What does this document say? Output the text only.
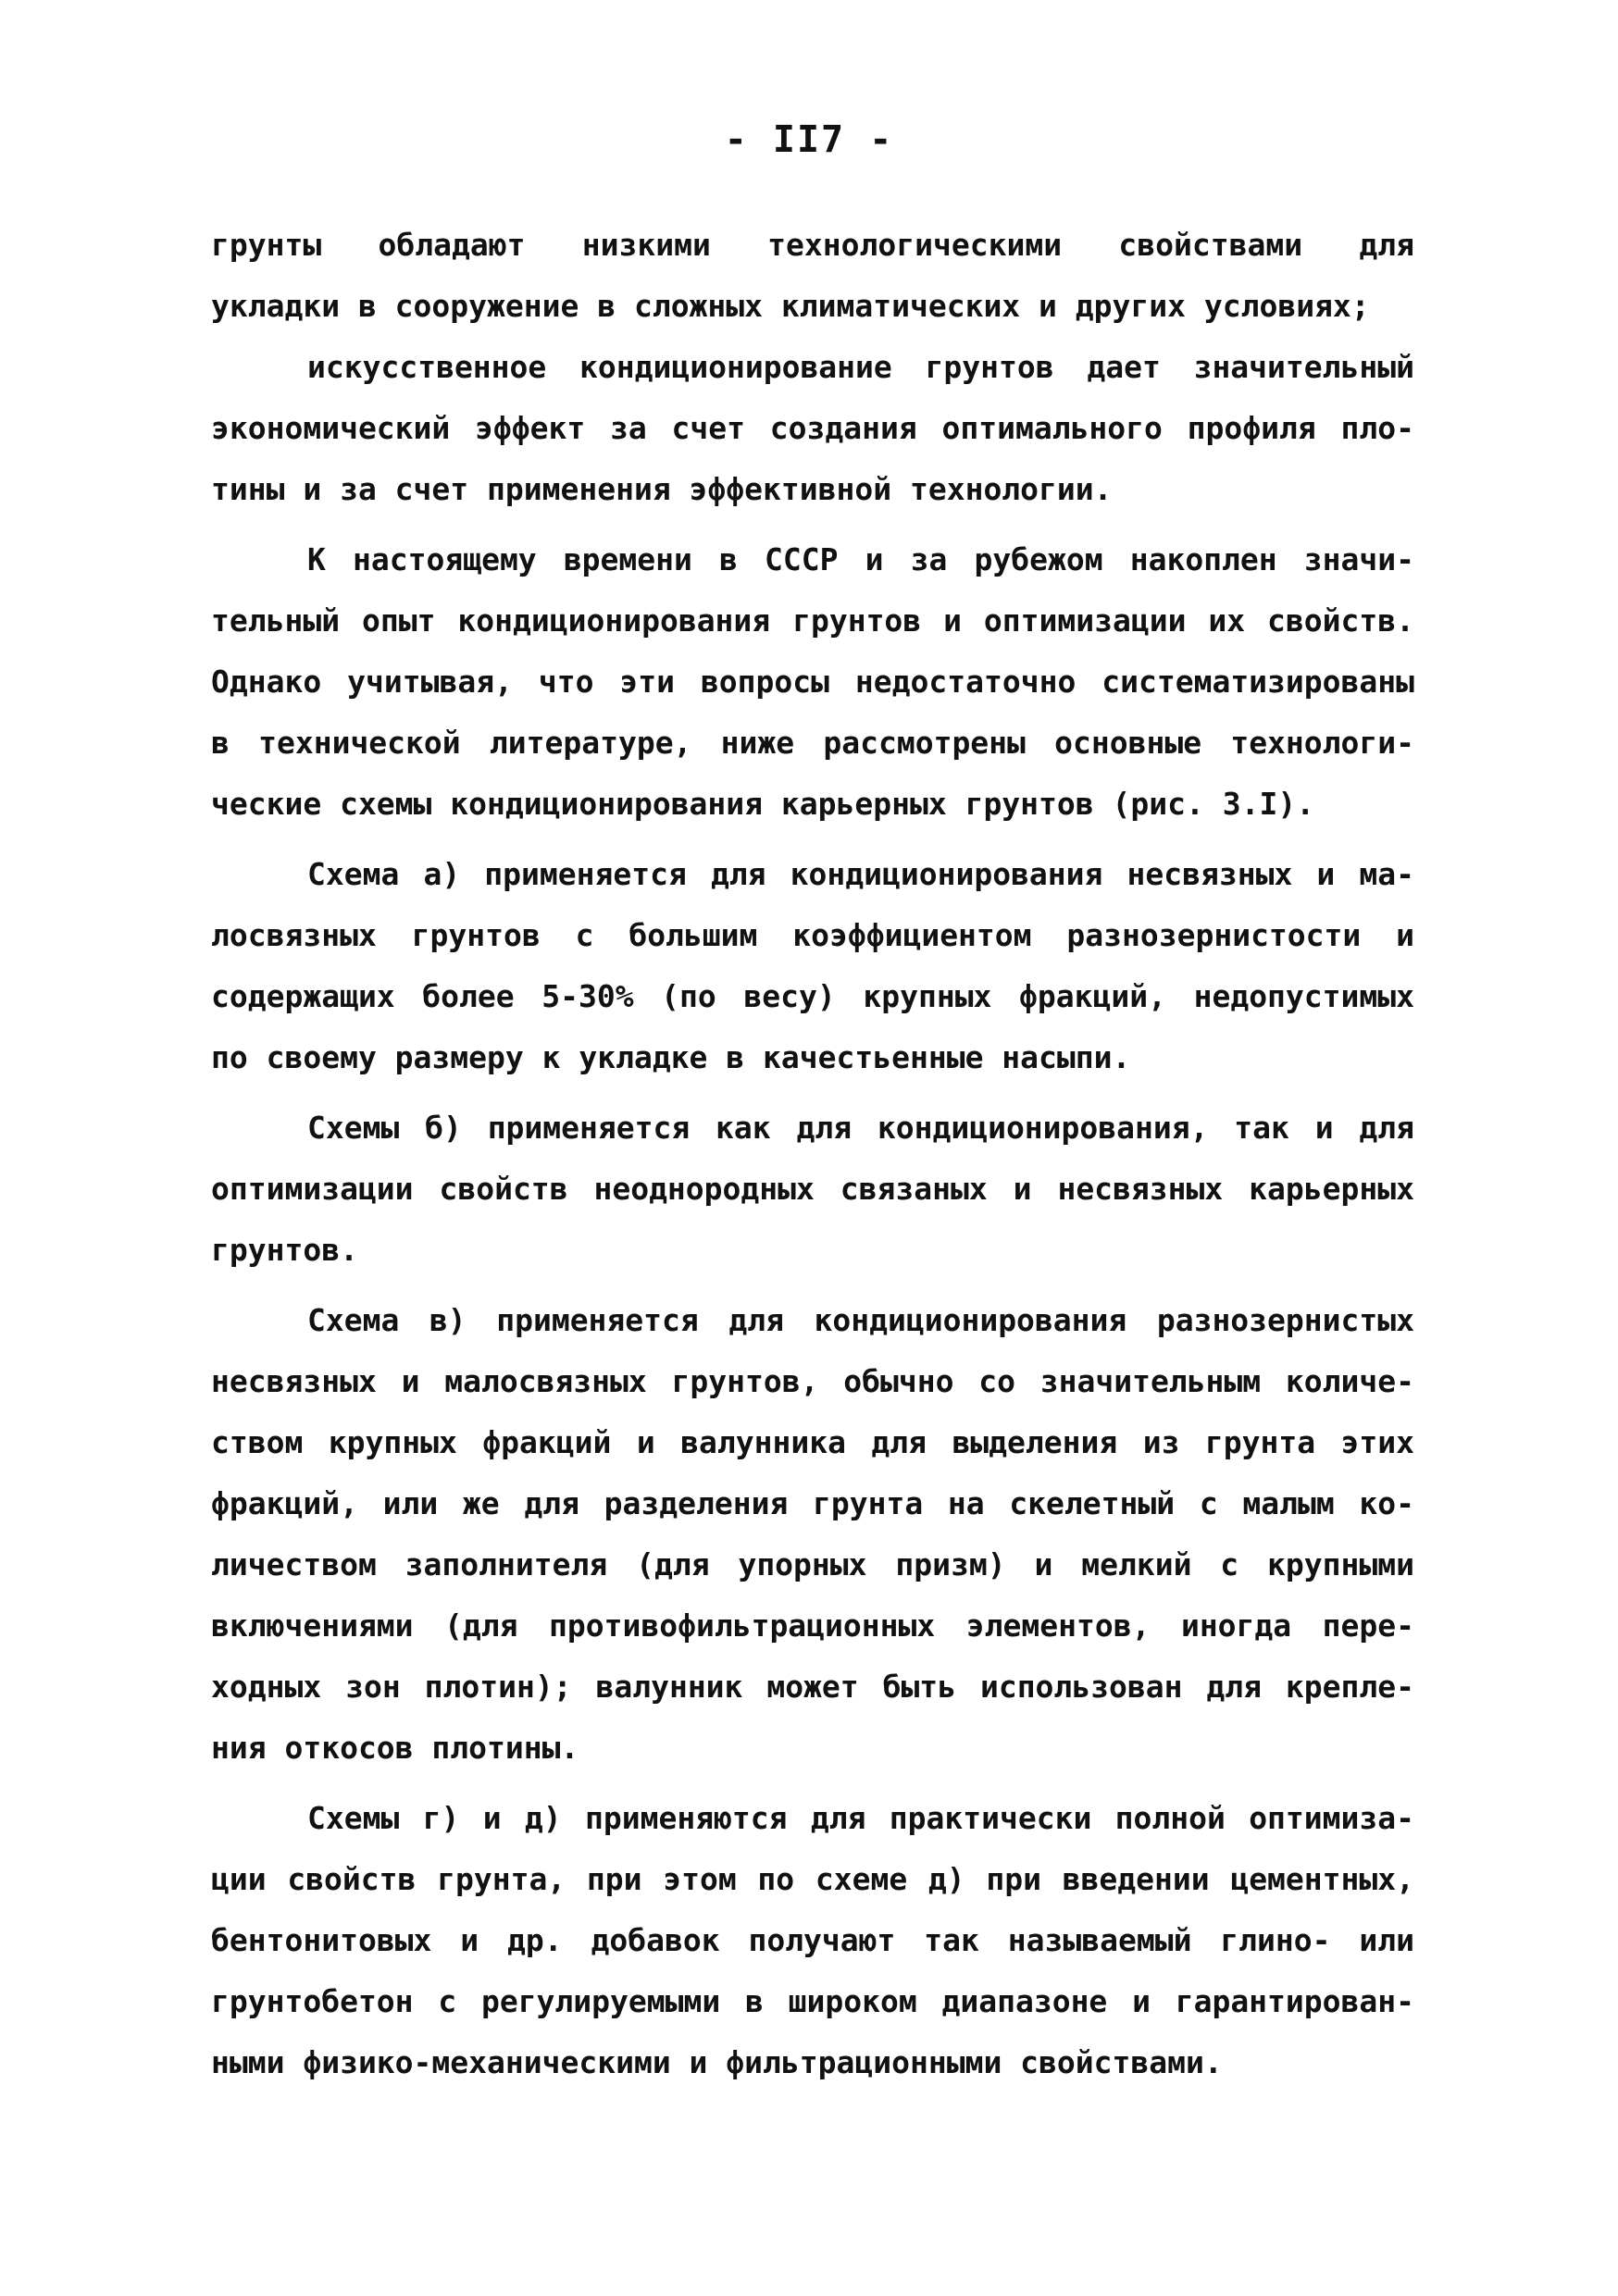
- II7 -
грунты обладают низкими технологическими свойствами для
укладки в сооружение в сложных климатических и других условиях;
искусственное кондиционирование грунтов дает значительный
экономический эффект за счет создания оптимального профиля пло-
тины и за счет применения эффективной технологии.
К настоящему времени в СССР и за рубежом накоплен значи-
тельный опыт кондиционирования грунтов и оптимизации их свойств.
Однако учитывая, что эти вопросы недостаточно систематизированы
в технической литературе, ниже рассмотрены основные технологи-
ческие схемы кондиционирования карьерных грунтов (рис. 3.I).
Схема а) применяется для кондиционирования несвязных и ма-
лосвязных грунтов с большим коэффициентом разнозернистости и
содержащих более 5-30% (по весу) крупных фракций, недопустимых
по своему размеру к укладке в качестьенные насыпи.
Схемы б) применяется как для кондиционирования, так и для
оптимизации свойств неоднородных связаных и несвязных карьерных
грунтов.
Схема в) применяется для кондиционирования разнозернистых
несвязных и малосвязных грунтов, обычно со значительным количе-
ством крупных фракций и валунника для выделения из грунта этих
фракций, или же для разделения грунта на скелетный с малым ко-
личеством заполнителя (для упорных призм) и мелкий с крупными
включениями (для противофильтрационных элементов, иногда пере-
ходных зон плотин); валунник может быть использован для крепле-
ния откосов плотины.
Схемы г) и д) применяются для практически полной оптимиза-
ции свойств грунта, при этом по схеме д) при введении цементных,
бентонитовых и др. добавок получают так называемый глино- или
грунтобетон с регулируемыми в широком диапазоне и гарантирован-
ными физико-механическими и фильтрационными свойствами.
